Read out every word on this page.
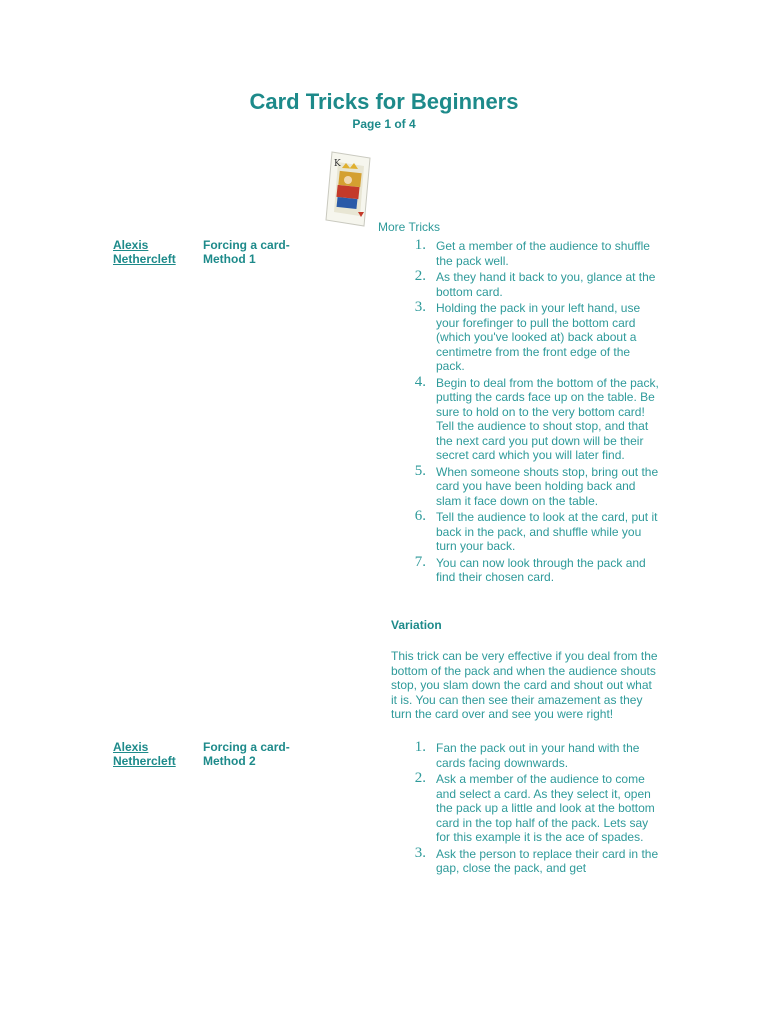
Card Tricks for Beginners
Page 1 of 4
K
More Tricks
Alexis Nethercleft
Forcing a card- Method 1
1. Get a member of the audience to shuffle the pack well.
2. As they hand it back to you, glance at the bottom card.
3. Holding the pack in your left hand, use your forefinger to pull the bottom card (which you've looked at) back about a centimetre from the front edge of the pack.
4. Begin to deal from the bottom of the pack, putting the cards face up on the table. Be sure to hold on to the very bottom card! Tell the audience to shout stop, and that the next card you put down will be their secret card which you will later find.
5. When someone shouts stop, bring out the card you have been holding back and slam it face down on the table.
6. Tell the audience to look at the card, put it back in the pack, and shuffle while you turn your back.
7. You can now look through the pack and find their chosen card.
Variation
This trick can be very effective if you deal from the bottom of the pack and when the audience shouts stop, you slam down the card and shout out what it is. You can then see their amazement as they turn the card over and see you were right!
Alexis Nethercleft
Forcing a card- Method 2
1. Fan the pack out in your hand with the cards facing downwards.
2. Ask a member of the audience to come and select a card. As they select it, open the pack up a little and look at the bottom card in the top half of the pack. Lets say for this example it is the ace of spades.
3. Ask the person to replace their card in the gap, close the pack, and get
